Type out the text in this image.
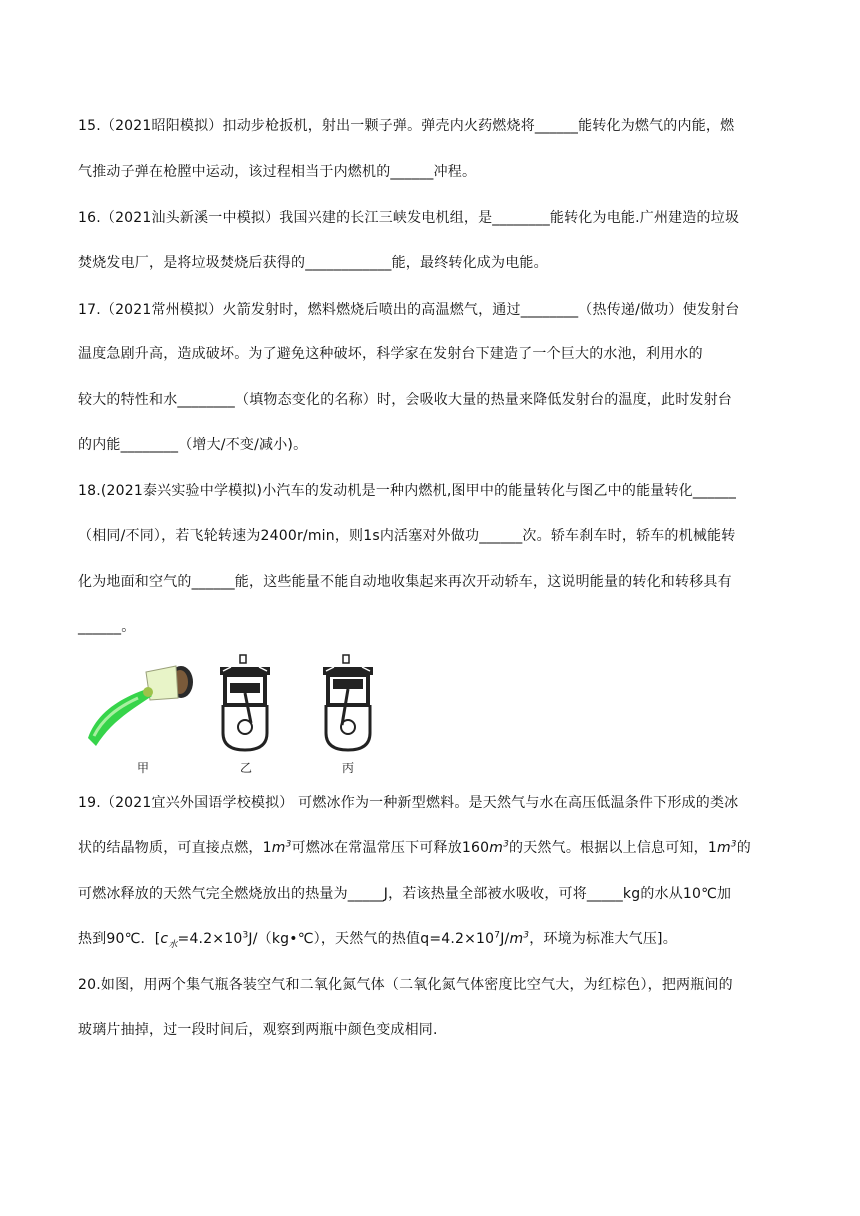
15.（2021昭阳模拟）扣动步枪扳机，射出一颗子弹。弹壳内火药燃烧将______能转化为燃气的内能，燃
气推动子弹在枪膛中运动，该过程相当于内燃机的______冲程。
16.（2021汕头新溪一中模拟）我国兴建的长江三峡发电机组，是________能转化为电能.广州建造的垃圾
焚烧发电厂，是将垃圾焚烧后获得的____________能，最终转化成为电能。
17.（2021常州模拟）火箭发射时，燃料燃烧后喷出的高温燃气，通过________（热传递/做功）使发射台
温度急剧升高，造成破坏。为了避免这种破坏，科学家在发射台下建造了一个巨大的水池，利用水的
较大的特性和水________（填物态变化的名称）时，会吸收大量的热量来降低发射台的温度，此时发射台
的内能________（增大/不变/减小)。
18.(2021泰兴实验中学模拟)小汽车的发动机是一种内燃机,图甲中的能量转化与图乙中的能量转化______
（相同/不同），若飞轮转速为2400r/min，则1s内活塞对外做功______次。轿车刹车时，轿车的机械能转
化为地面和空气的______能，这些能量不能自动地收集起来再次开动轿车，这说明能量的转化和转移具有
______。
甲	乙	丙
19.（2021宜兴外国语学校模拟） 可燃冰作为一种新型燃料。是天然气与水在高压低温条件下形成的类冰
状的结晶物质，可直接点燃，$1m^3$可燃冰在常温常压下可释放$160m^3$的天然气。根据以上信息可知，$1m^3$的
可燃冰释放的天然气完全燃烧放出的热量为_____J，若该热量全部被水吸收，可将_____kg的水从10℃加
热到90℃．[$c_水=4.2\times 10^3J/(kg•℃)$，天然气的热值$q=4.2\times 10^7J/m^3$，环境为标准大气压]。
20.如图，用两个集气瓶各装空气和二氧化氮气体（二氧化氮气体密度比空气大，为红棕色），把两瓶间的
玻璃片抽掉，过一段时间后，观察到两瓶中颜色变成相同.
